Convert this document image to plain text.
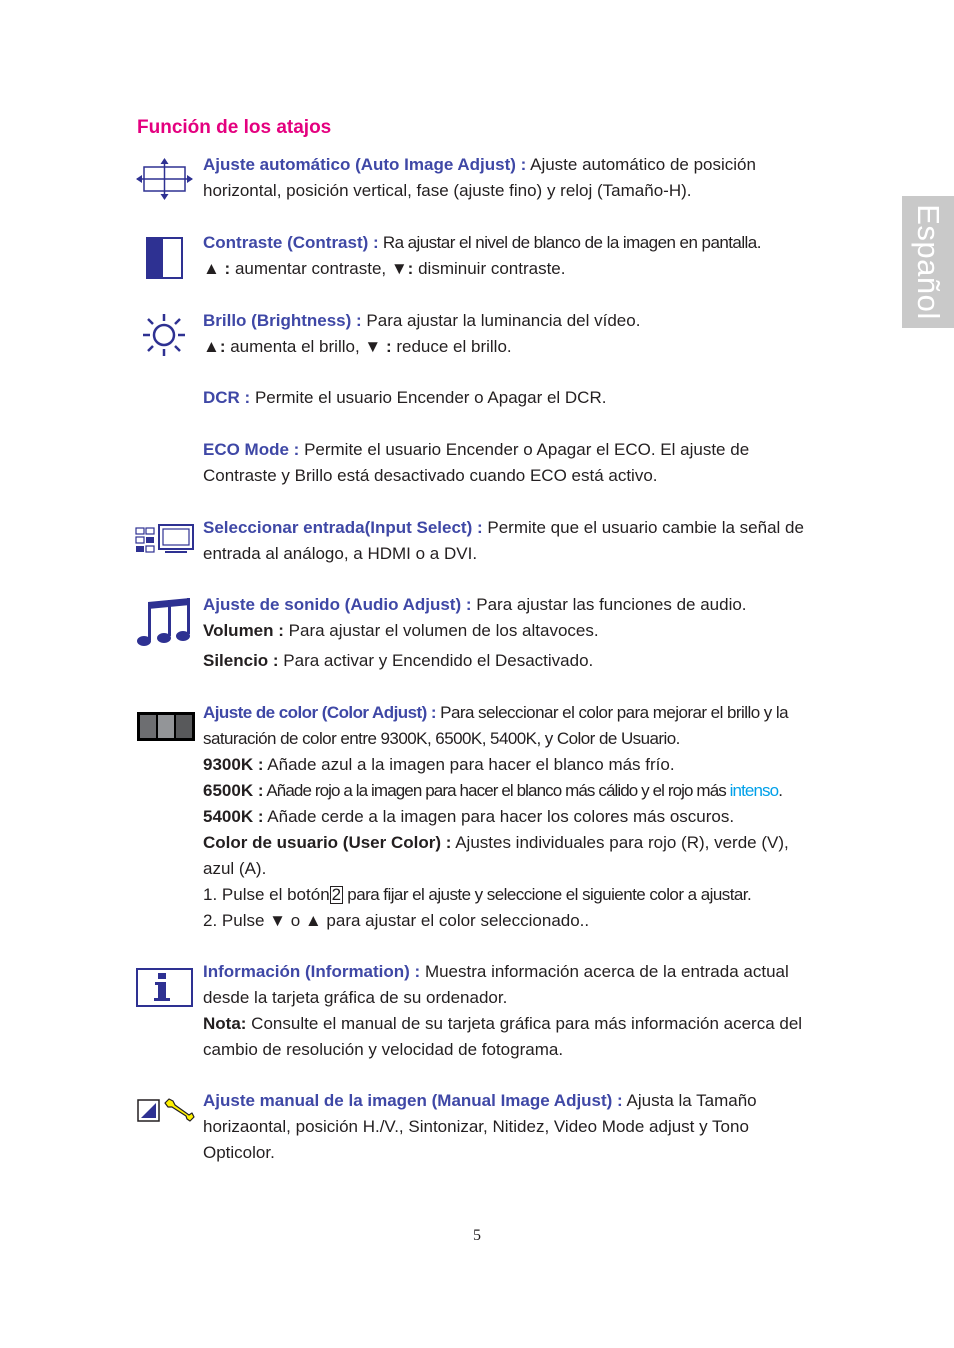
Español
Función de los atajos

Ajuste automático (Auto Image Adjust) : Ajuste automático de posición horizontal, posición vertical, fase (ajuste fino) y reloj (Tamaño-H).

Contraste (Contrast) : Ra ajustar el nivel de blanco de la imagen en pantalla.

▲ : aumentar contraste, ▼: disminuir contraste.

Brillo (Brightness) : Para ajustar la luminancia del vídeo.

▲: aumenta el brillo, ▼ : reduce el brillo.

DCR : Permite el usuario Encender o Apagar el DCR.

ECO Mode : Permite el usuario Encender o Apagar el ECO. El ajuste de Contraste y Brillo está desactivado cuando ECO está activo.

Seleccionar entrada(Input Select) : Permite que el usuario cambie la señal de entrada al análogo, a HDMI o a DVI.

Ajuste de sonido (Audio Adjust) : Para ajustar las funciones de audio.

Volumen : Para ajustar el volumen de los altavoces.

Silencio : Para activar y Encendido el Desactivado.

Ajuste de color (Color Adjust) : Para seleccionar el color para mejorar el brillo y la saturación de color entre 9300K, 6500K, 5400K, y Color de Usuario.

9300K : Añade azul a la imagen para hacer el blanco más frío.

6500K : Añade rojo a la imagen para hacer el blanco más cálido y el rojo más intenso.

5400K : Añade cerde a la imagen para hacer los colores más oscuros.

Color de usuario (User Color) : Ajustes individuales para rojo (R), verde (V), azul (A).

1. Pulse el botón 2 para fijar el ajuste y seleccione el siguiente color a ajustar.

2. Pulse ▼ o ▲ para ajustar el color seleccionado..

Información (Information) : Muestra información acerca de la entrada actual desde la tarjeta gráfica de su ordenador.

Nota: Consulte el manual de su tarjeta gráfica para más información acerca del cambio de resolución y velocidad de fotograma.

Ajuste manual de la imagen (Manual Image Adjust) : Ajusta la Tamaño horizaontal, posición H./V., Sintonizar, Nitidez, Video Mode adjust y Tono Opticolor.

5
